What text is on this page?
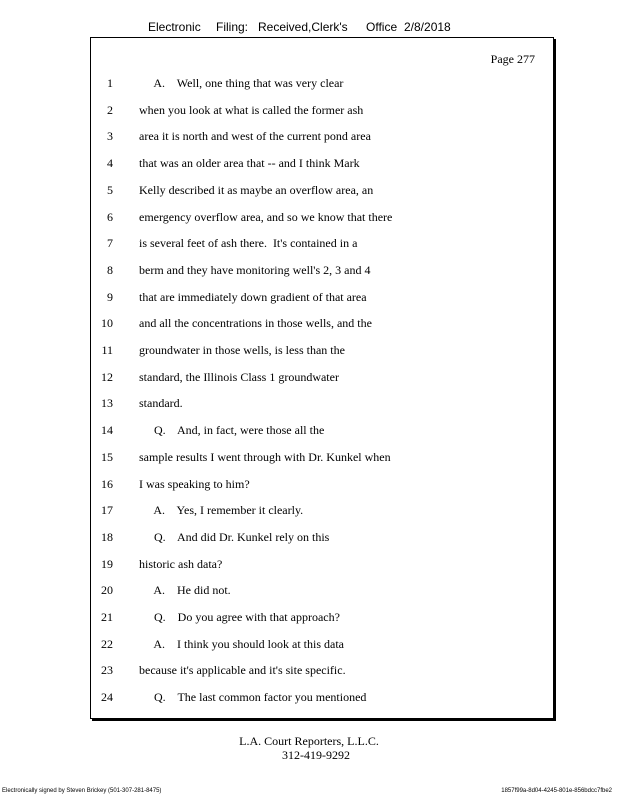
Electronic Filing: Received,Clerk's Office 2/8/2018
Page 277
1 A.    Well, one thing that was very clear
2 when you look at what is called the former ash
3 area it is north and west of the current pond area
4 that was an older area that -- and I think Mark
5 Kelly described it as maybe an overflow area, an
6 emergency overflow area, and so we know that there
7 is several feet of ash there.  It's contained in a
8 berm and they have monitoring well's 2, 3 and 4
9 that are immediately down gradient of that area
10 and all the concentrations in those wells, and the
11 groundwater in those wells, is less than the
12 standard, the Illinois Class 1 groundwater
13 standard.
14 Q.    And, in fact, were those all the
15 sample results I went through with Dr. Kunkel when
16 I was speaking to him?
17 A.    Yes, I remember it clearly.
18 Q.    And did Dr. Kunkel rely on this
19 historic ash data?
20 A.    He did not.
21 Q.    Do you agree with that approach?
22 A.    I think you should look at this data
23 because it's applicable and it's site specific.
24 Q.    The last common factor you mentioned
L.A. Court Reporters, L.L.C.
312-419-9292
Electronically signed by Steven Brickey (501-307-281-8475)	1857f99a-8d04-4245-801e-856bdcc7fbe2
